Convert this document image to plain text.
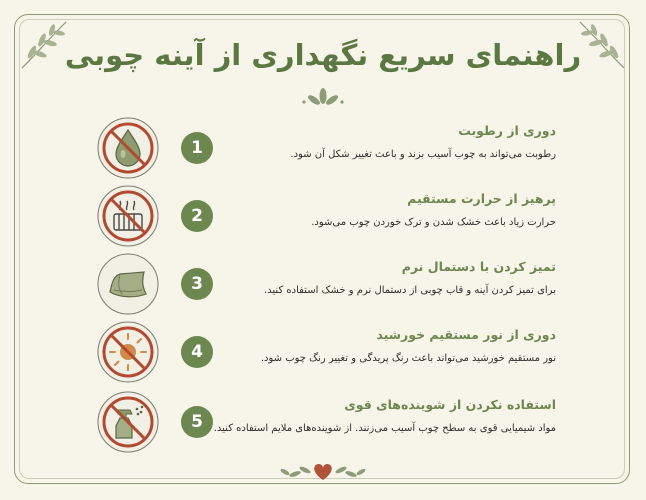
راهنمای سریع نگهداری از آینه چوبی
1
دوری از رطوبت
رطوبت می‌تواند به چوب آسیب بزند و باعث تغییر شکل آن شود.
2
پرهیز از حرارت مستقیم
حرارت زیاد باعث خشک شدن و ترک خوردن چوب می‌شود.
3
تمیز کردن با دستمال نرم
برای تمیز کردن آینه و قاب چوبی از دستمال نرم و خشک استفاده کنید.
4
دوری از نور مستقیم خورشید
نور مستقیم خورشید می‌تواند باعث رنگ پریدگی و تغییر رنگ چوب شود.
5
استفاده نکردن از شوینده‌های قوی
مواد شیمیایی قوی به سطح چوب آسیب می‌زنند. از شوینده‌های ملایم استفاده کنید.
